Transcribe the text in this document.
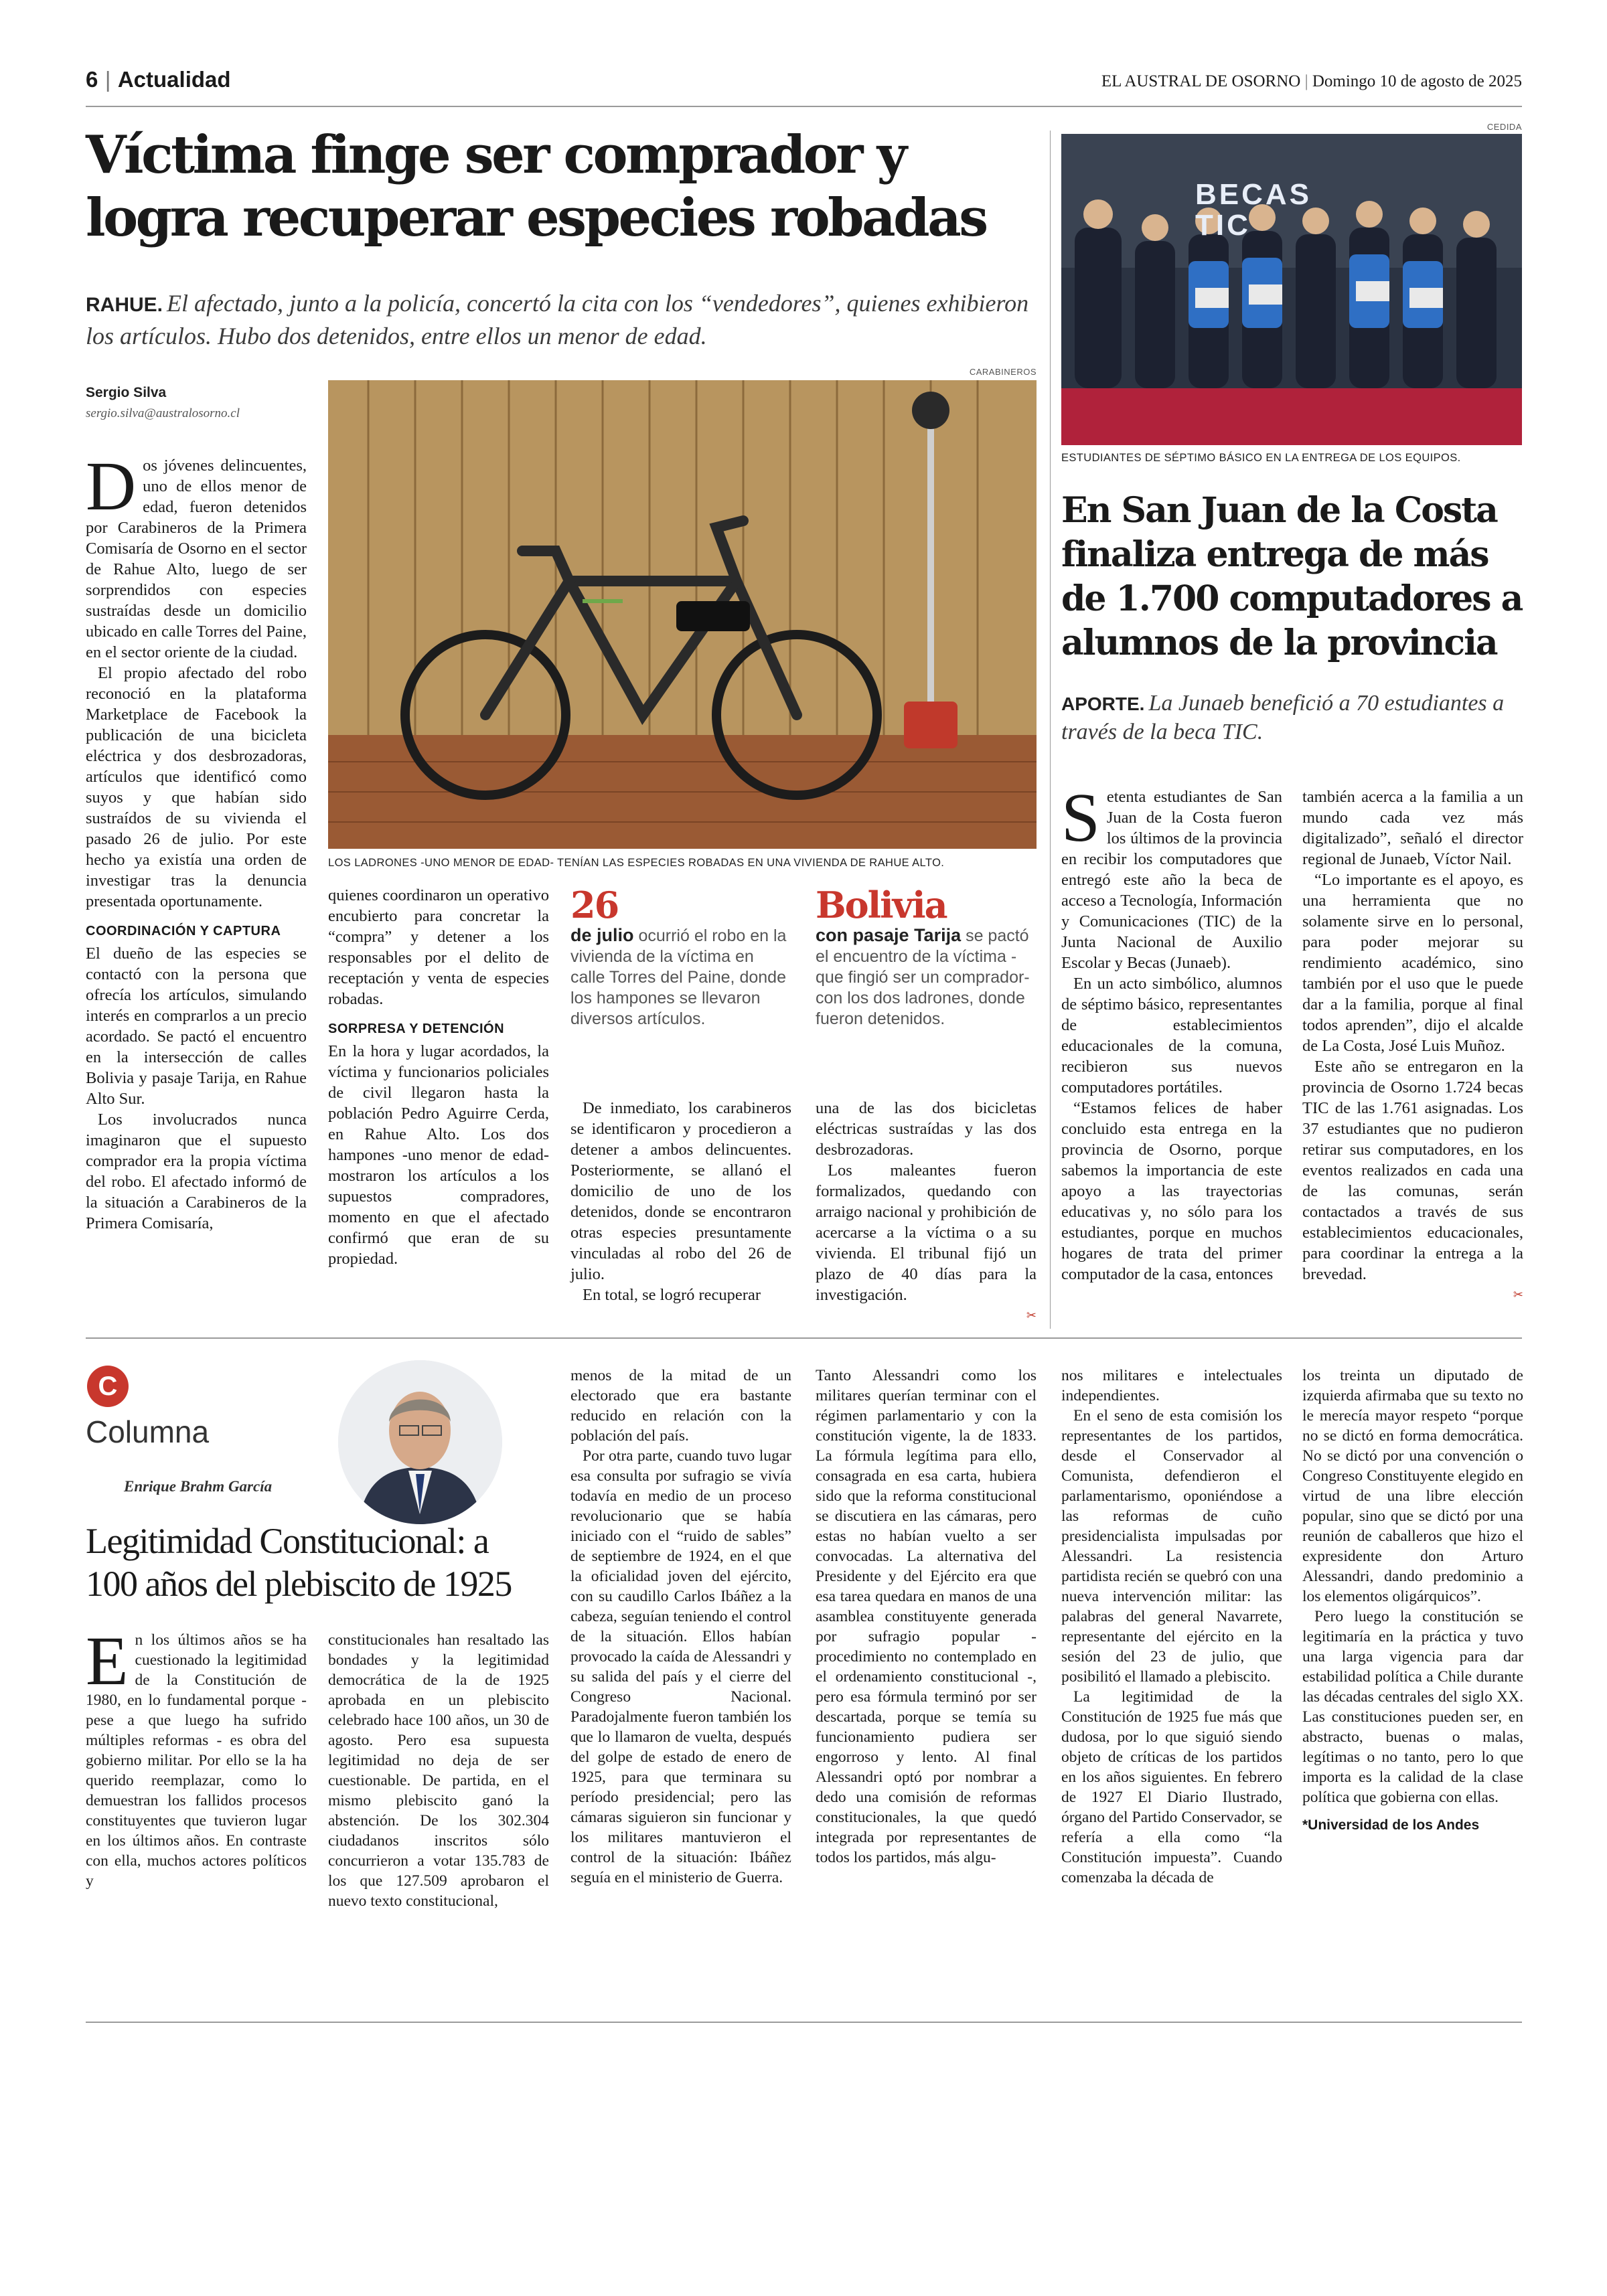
6 | Actualidad	EL AUSTRAL DE OSORNO | Domingo 10 de agosto de 2025
Víctima finge ser comprador y
logra recuperar especies robadas
RAHUE. El afectado, junto a la policía, concertó la cita con los “vendedores”, quienes exhibieron los artículos. Hubo dos detenidos, entre ellos un menor de edad.
Sergio Silva
sergio.silva@australosorno.cl
CARABINEROS
LOS LADRONES -UNO MENOR DE EDAD- TENÍAN LAS ESPECIES ROBADAS EN UNA VIVIENDA DE RAHUE ALTO.
D os jóvenes delincuentes, uno de ellos menor de edad, fueron detenidos por Carabineros de la Primera Comisaría de Osorno en el sector de Rahue Alto, luego de ser sorprendidos con especies sustraídas desde un domicilio ubicado en calle Torres del Paine, en el sector oriente de la ciudad.

El propio afectado del robo reconoció en la plataforma Marketplace de Facebook la publicación de una bicicleta eléctrica y dos desbrozadoras, artículos que identificó como suyos y que habían sido sustraídos de su vivienda el pasado 26 de julio. Por este hecho ya existía una orden de investigar tras la denuncia presentada oportunamente.

COORDINACIÓN Y CAPTURA

El dueño de las especies se contactó con la persona que ofrecía los artículos, simulando interés en comprarlos a un precio acordado. Se pactó el encuentro en la intersección de calles Bolivia y pasaje Tarija, en Rahue Alto Sur.

Los involucrados nunca imaginaron que el supuesto comprador era la propia víctima del robo. El afectado informó de la situación a Carabineros de la Primera Comisaría,

quienes coordinaron un operativo encubierto para concretar la “compra” y detener a los responsables por el delito de receptación y venta de especies robadas.

SORPRESA Y DETENCIÓN

En la hora y lugar acordados, la víctima y funcionarios policiales de civil llegaron hasta la población Pedro Aguirre Cerda, en Rahue Alto. Los dos hampones -uno menor de edad- mostraron los artículos a los supuestos compradores, momento en que el afectado confirmó que eran de su propiedad.

26
de julio ocurrió el robo en la vivienda de la víctima en calle Torres del Paine, donde los hampones se llevaron diversos artículos.
Bolivia
con pasaje Tarija se pactó el encuentro de la víctima -que fingió ser un comprador- con los dos ladrones, donde fueron detenidos.

De inmediato, los carabineros se identificaron y procedieron a detener a ambos delincuentes. Posteriormente, se allanó el domicilio de uno de los detenidos, donde se encontraron otras especies presuntamente vinculadas al robo del 26 de julio.

En total, se logró recuperar

una de las dos bicicletas eléctricas sustraídas y las dos desbrozadoras.

Los maleantes fueron formalizados, quedando con arraigo nacional y prohibición de acercarse a la víctima o a su vivienda. El tribunal fijó un plazo de 40 días para la investigación.

✂
CEDIDA
BECAS TIC
ESTUDIANTES DE SÉPTIMO BÁSICO EN LA ENTREGA DE LOS EQUIPOS.
En San Juan de la Costa
finaliza entrega de más
de 1.700 computadores a
alumnos de la provincia
APORTE. La Junaeb benefició a 70 estudiantes a través de la beca TIC.
S etenta estudiantes de San Juan de la Costa fueron los últimos de la provincia en recibir los computadores que entregó este año la beca de acceso a Tecnología, Información y Comunicaciones (TIC) de la Junta Nacional de Auxilio Escolar y Becas (Junaeb).

En un acto simbólico, alumnos de séptimo básico, representantes de establecimientos educacionales de la comuna, recibieron sus nuevos computadores portátiles.

“Estamos felices de haber concluido esta entrega en la provincia de Osorno, porque sabemos la importancia de este apoyo a las trayectorias educativas y, no sólo para los estudiantes, porque en muchos hogares de trata del primer computador de la casa, entonces

también acerca a la familia a un mundo cada vez más digitalizado”, señaló el director regional de Junaeb, Víctor Nail.

“Lo importante es el apoyo, es una herramienta que no solamente sirve en lo personal, para poder mejorar su rendimiento académico, sino también por el uso que le puede dar a la familia, porque al final todos aprenden”, dijo el alcalde de La Costa, José Luis Muñoz.

Este año se entregaron en la provincia de Osorno 1.724 becas TIC de las 1.761 asignadas. Los 37 estudiantes que no pudieron retirar sus computadores, en los eventos realizados en cada una de las comunas, serán contactados a través de sus establecimientos educacionales, para coordinar la entrega a la brevedad.

✂
C
Columna
Enrique Brahm García
Legitimidad Constitucional: a
100 años del plebiscito de 1925
E n los últimos años se ha cuestionado la legitimidad de la Constitución de 1980, en lo fundamental porque - pese a que luego ha sufrido múltiples reformas - es obra del gobierno militar. Por ello se la ha querido reemplazar, como lo demuestran los fallidos procesos constituyentes que tuvieron lugar en los últimos años. En contraste con ella, muchos actores políticos y

constitucionales han resaltado las bondades y la legitimidad democrática de la de 1925 aprobada en un plebiscito celebrado hace 100 años, un 30 de agosto. Pero esa supuesta legitimidad no deja de ser cuestionable. De partida, en el mismo plebiscito ganó la abstención. De los 302.304 ciudadanos inscritos sólo concurrieron a votar 135.783 de los que 127.509 aprobaron el nuevo texto constitucional,

menos de la mitad de un electorado que era bastante reducido en relación con la población del país.

Por otra parte, cuando tuvo lugar esa consulta por sufragio se vivía todavía en medio de un proceso revolucionario que se había iniciado con el “ruido de sables” de septiembre de 1924, en el que la oficialidad joven del ejército, con su caudillo Carlos Ibáñez a la cabeza, seguían teniendo el control de la situación. Ellos habían provocado la caída de Alessandri y su salida del país y el cierre del Congreso Nacional. Paradojalmente fueron también los que lo llamaron de vuelta, después del golpe de estado de enero de 1925, para que terminara su período presidencial; pero las cámaras siguieron sin funcionar y los militares mantuvieron el control de la situación: Ibáñez seguía en el ministerio de Guerra.

Tanto Alessandri como los militares querían terminar con el régimen parlamentario y con la constitución vigente, la de 1833. La fórmula legítima para ello, consagrada en esa carta, hubiera sido que la reforma constitucional se discutiera en las cámaras, pero estas no habían vuelto a ser convocadas. La alternativa del Presidente y del Ejército era que esa tarea quedara en manos de una asamblea constituyente generada por sufragio popular - procedimiento no contemplado en el ordenamiento constitucional -, pero esa fórmula terminó por ser descartada, porque se temía su funcionamiento pudiera ser engorroso y lento. Al final Alessandri optó por nombrar a dedo una comisión de reformas constitucionales, la que quedó integrada por representantes de todos los partidos, más algu-

nos militares e intelectuales independientes.

En el seno de esta comisión los representantes de los partidos, desde el Conservador al Comunista, defendieron el parlamentarismo, oponiéndose a las reformas de cuño presidencialista impulsadas por Alessandri. La resistencia partidista recién se quebró con una nueva intervención militar: las palabras del general Navarrete, representante del ejército en la sesión del 23 de julio, que posibilitó el llamado a plebiscito.

La legitimidad de la Constitución de 1925 fue más que dudosa, por lo que siguió siendo objeto de críticas de los partidos en los años siguientes. En febrero de 1927 El Diario Ilustrado, órgano del Partido Conservador, se refería a ella como “la Constitución impuesta”. Cuando comenzaba la década de

los treinta un diputado de izquierda afirmaba que su texto no le merecía mayor respeto “porque no se dictó en forma democrática. No se dictó por una convención o Congreso Constituyente elegido en virtud de una libre elección popular, sino que se dictó por una reunión de caballeros que hizo el expresidente don Arturo Alessandri, dando predominio a los elementos oligárquicos”.

Pero luego la constitución se legitimaría en la práctica y tuvo una larga vigencia para dar estabilidad política a Chile durante las décadas centrales del siglo XX. Las constituciones pueden ser, en abstracto, buenas o malas, legítimas o no tanto, pero lo que importa es la calidad de la clase política que gobierna con ellas.

*Universidad de los Andes
